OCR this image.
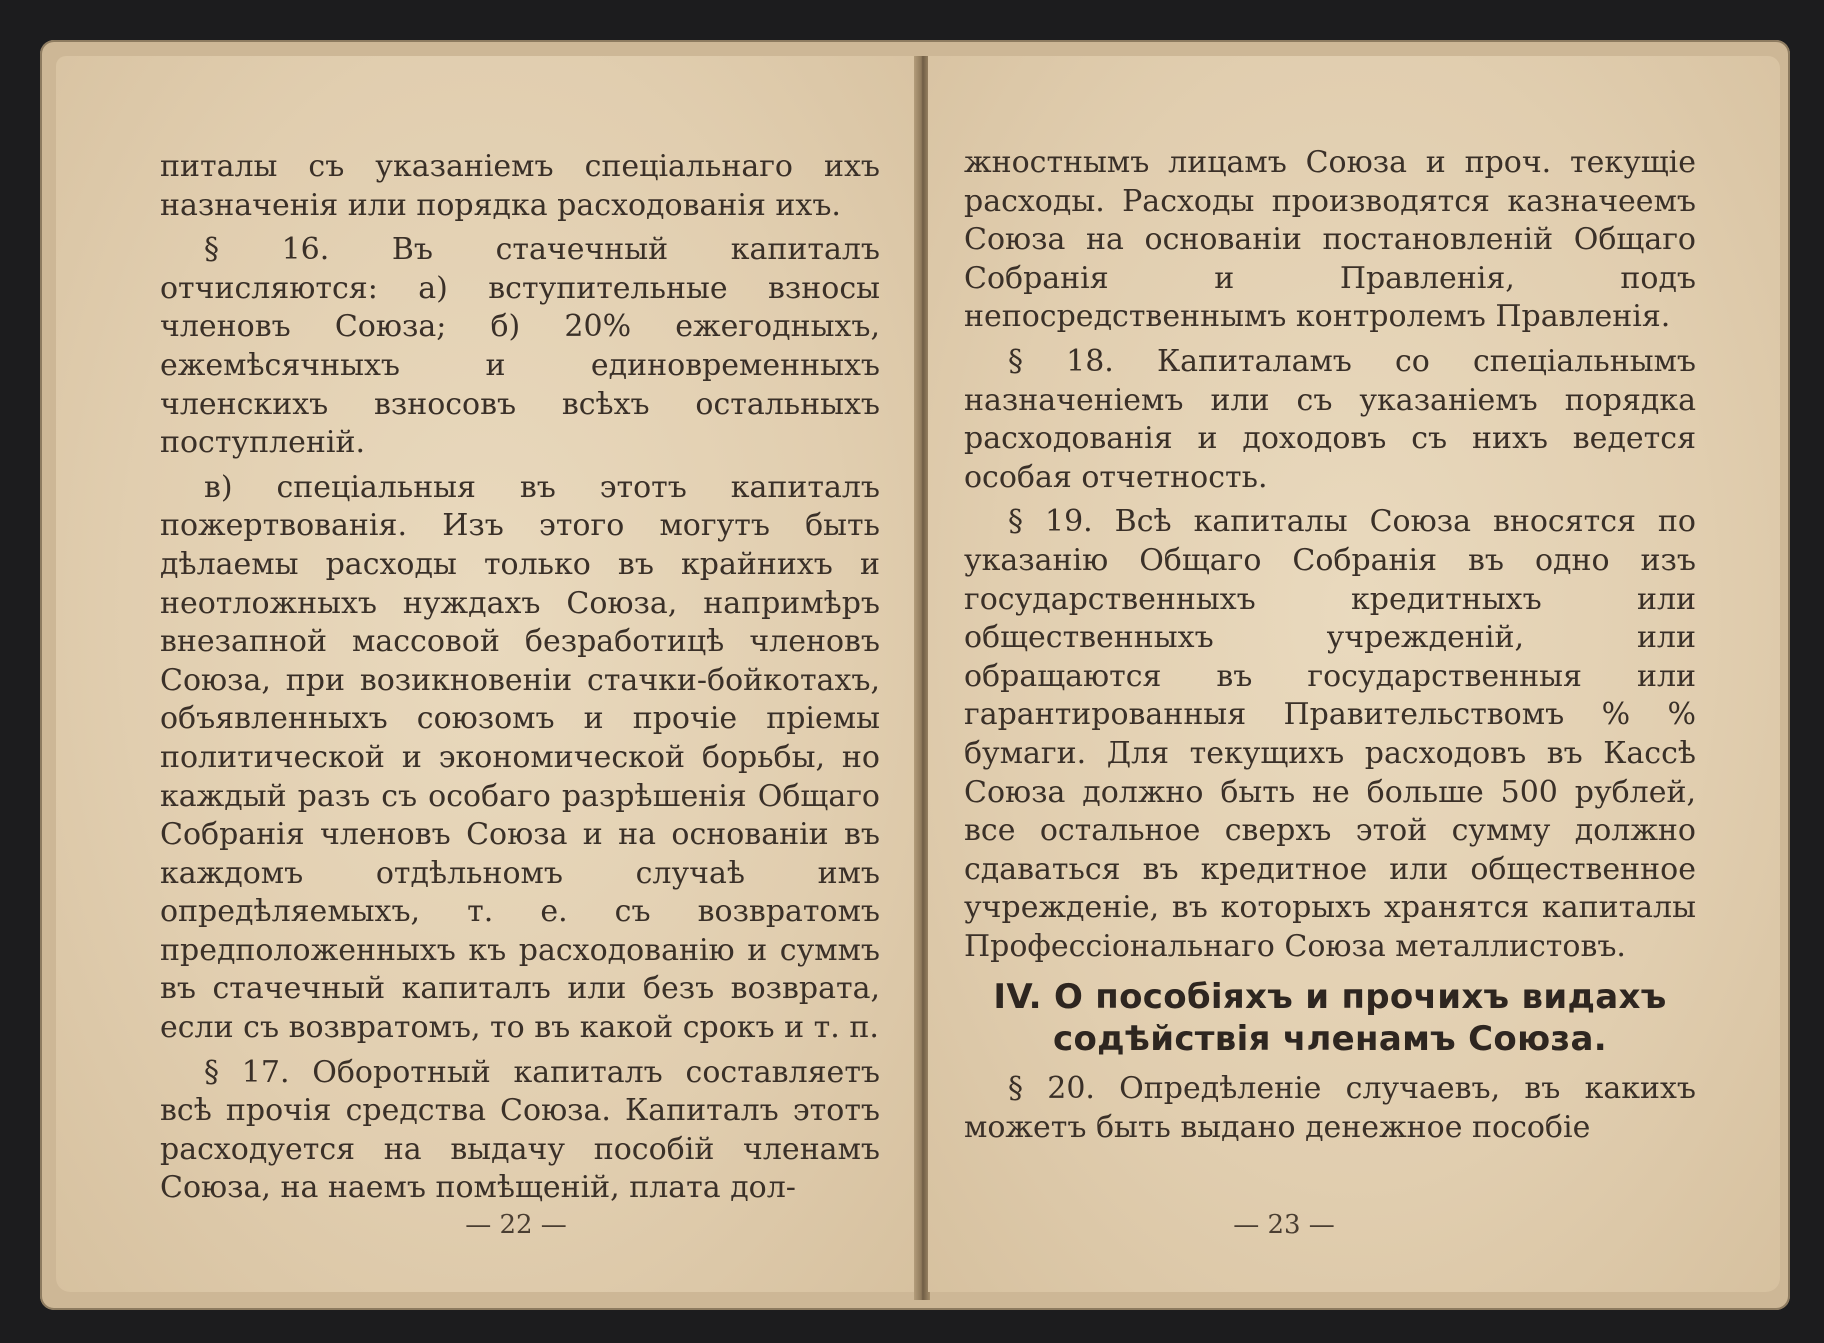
питалы съ указанiемъ спецiальнаго ихъ назначенiя или порядка расходованiя ихъ.

§ 16. Въ стачечный капиталъ отчисляются: а) вступительные взносы членовъ Союза; б) 20% ежегодныхъ, ежемѣсячныхъ и единовременныхъ членскихъ взносовъ всѣхъ остальныхъ поступленiй.

в) спецiальныя въ этотъ капиталъ пожертвованiя. Изъ этого могутъ быть дѣлаемы расходы только въ крайнихъ и неотложныхъ нуждахъ Союза, напримѣръ внезапной массовой безработицѣ членовъ Союза, при возикновенiи стачки-бойкотахъ, объявленныхъ союзомъ и прочiе прiемы политической и экономической борьбы, но каждый разъ съ особаго разрѣшенiя Общаго Собранiя членовъ Союза и на основанiи въ каждомъ отдѣльномъ случаѣ имъ опредѣляемыхъ, т. е. съ возвратомъ предположенныхъ къ расходованiю и суммъ въ стачечный капиталъ или безъ возврата, если съ возвратомъ, то въ какой срокъ и т. п.

§ 17. Оборотный капиталъ составляетъ всѣ прочiя средства Союза. Капиталъ этотъ расходуется на выдачу пособiй членамъ Союза, на наемъ помѣщенiй, плата дол-

— 22 —

жностнымъ лицамъ Союза и проч. текущiе расходы. Расходы производятся казначеемъ Союза на основанiи постановленiй Общаго Собранiя и Правленiя, подъ непосредственнымъ контролемъ Правленiя.

§ 18. Капиталамъ со спецiальнымъ назначенiемъ или съ указанiемъ порядка расходованiя и доходовъ съ нихъ ведется особая отчетность.

§ 19. Всѣ капиталы Союза вносятся по указанiю Общаго Собранiя въ одно изъ государственныхъ кредитныхъ или общественныхъ учрежденiй, или обращаются въ государственныя или гарантированныя Правительствомъ % % бумаги. Для текущихъ расходовъ въ Кассѣ Союза должно быть не больше 500 рублей, все остальное сверхъ этой сумму должно сдаваться въ кредитное или общественное учрежденiе, въ которыхъ хранятся капиталы Профессiональнаго Союза металлистовъ.

IV. О пособiяхъ и прочихъ видахъ содѣйствiя членамъ Союза.

§ 20. Опредѣленiе случаевъ, въ какихъ можетъ быть выдано денежное пособiе

— 23 —
